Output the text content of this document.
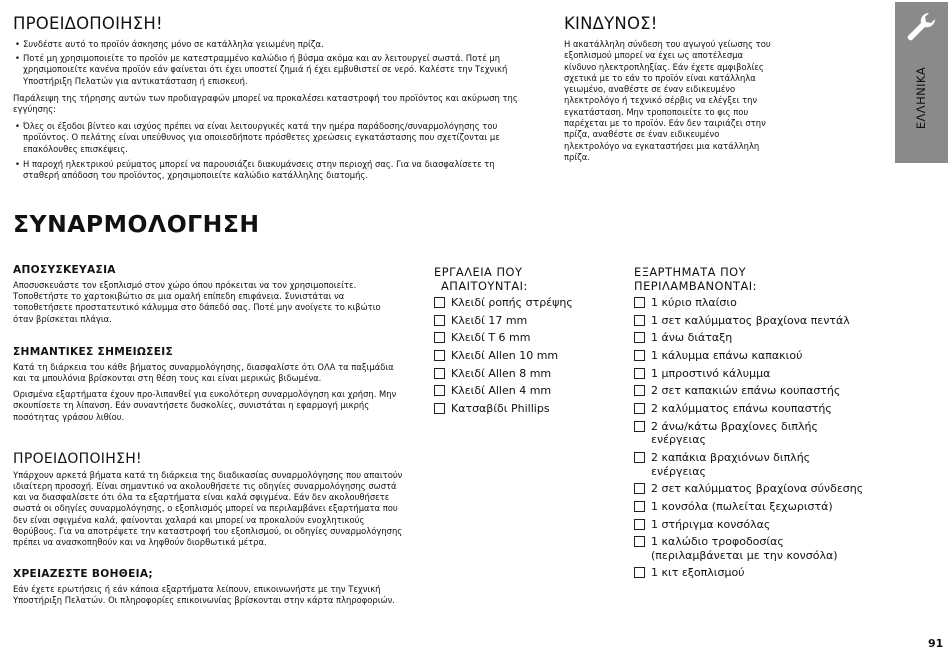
ΠΡΟΕΙΔΟΠΟΙΗΣΗ!
• Συνδέστε αυτό το προϊόν άσκησης μόνο σε κατάλληλα γειωμένη πρίζα.
• Ποτέ μη χρησιμοποιείτε το προϊόν με κατεστραμμένο καλώδιο ή βύσμα ακόμα και αν λειτουργεί σωστά. Ποτέ μη χρησιμοποιείτε κανένα προϊόν εάν φαίνεται ότι έχει υποστεί ζημιά ή έχει εμβυθιστεί σε νερό. Καλέστε την Τεχνική Υποστήριξη Πελατών για αντικατάσταση ή επισκευή.
Παράλειψη της τήρησης αυτών των προδιαγραφών μπορεί να προκαλέσει καταστροφή του προϊόντος και ακύρωση της εγγύησης:
• Όλες οι έξοδοι βίντεο και ισχύος πρέπει να είναι λειτουργικές κατά την ημέρα παράδοσης/συναρμολόγησης του προϊόντος. Ο πελάτης είναι υπεύθυνος για οποιεσδήποτε πρόσθετες χρεώσεις εγκατάστασης που σχετίζονται με επακόλουθες επισκέψεις.
• Η παροχή ηλεκτρικού ρεύματος μπορεί να παρουσιάζει διακυμάνσεις στην περιοχή σας. Για να διασφαλίσετε τη σταθερή απόδοση του προϊόντος, χρησιμοποιείτε καλώδιο κατάλληλης διατομής.
ΚΙΝΔΥΝΟΣ!
Η ακατάλληλη σύνδεση του αγωγού γείωσης του εξοπλισμού μπορεί να έχει ως αποτέλεσμα κίνδυνο ηλεκτροπληξίας. Εάν έχετε αμφιβολίες σχετικά με το εάν το προϊόν είναι κατάλληλα γειωμένο, αναθέστε σε έναν ειδικευμένο ηλεκτρολόγο ή τεχνικό σέρβις να ελέγξει την εγκατάσταση. Μην τροποποιείτε το φις που παρέχεται με το προϊόν. Εάν δεν ταιριάζει στην πρίζα, αναθέστε σε έναν ειδικευμένο ηλεκτρολόγο να εγκαταστήσει μια κατάλληλη πρίζα.
ΕΛΛΗΝΙΚΑ
ΣΥΝΑΡΜΟΛΟΓΗΣΗ
ΑΠΟΣΥΣΚΕΥΑΣΙΑ
Αποσυσκευάστε τον εξοπλισμό στον χώρο όπου πρόκειται να τον χρησιμοποιείτε. Τοποθετήστε το χαρτοκιβώτιο σε μια ομαλή επίπεδη επιφάνεια. Συνιστάται να τοποθετήσετε προστατευτικό κάλυμμα στο δάπεδό σας. Ποτέ μην ανοίγετε το κιβώτιο όταν βρίσκεται πλάγια.
ΣΗΜΑΝΤΙΚΕΣ ΣΗΜΕΙΩΣΕΙΣ
Κατά τη διάρκεια του κάθε βήματος συναρμολόγησης, διασφαλίστε ότι ΟΛΑ τα παξιμάδια και τα μπουλόνια βρίσκονται στη θέση τους και είναι μερικώς βιδωμένα.
Ορισμένα εξαρτήματα έχουν προ-λιπανθεί για ευκολότερη συναρμολόγηση και χρήση. Μην σκουπίσετε τη λίπανση. Εάν συναντήσετε δυσκολίες, συνιστάται η εφαρμογή μικρής ποσότητας γράσου λιθίου.
ΠΡΟΕΙΔΟΠΟΙΗΣΗ!
Υπάρχουν αρκετά βήματα κατά τη διάρκεια της διαδικασίας συναρμολόγησης που απαιτούν ιδιαίτερη προσοχή. Είναι σημαντικό να ακολουθήσετε τις οδηγίες συναρμολόγησης σωστά και να διασφαλίσετε ότι όλα τα εξαρτήματα είναι καλά σφιγμένα. Εάν δεν ακολουθήσετε σωστά οι οδηγίες συναρμολόγησης, ο εξοπλισμός μπορεί να περιλαμβάνει εξαρτήματα που δεν είναι σφιγμένα καλά, φαίνονται χαλαρά και μπορεί να προκαλούν ενοχλητικούς θορύβους. Για να αποτρέψετε την καταστροφή του εξοπλισμού, οι οδηγίες συναρμολόγησης πρέπει να ανασκοπηθούν και να ληφθούν διορθωτικά μέτρα.
ΧΡΕΙΑΖΕΣΤΕ ΒΟΗΘΕΙΑ;
Εάν έχετε ερωτήσεις ή εάν κάποια εξαρτήματα λείπουν, επικοινωνήστε με την Τεχνική Υποστήριξη Πελατών. Οι πληροφορίες επικοινωνίας βρίσκονται στην κάρτα πληροφοριών.
ΕΡΓΑΛΕΙΑ ΠΟΥ
ΑΠΑΙΤΟΥΝΤΑΙ:
Κλειδί ροπής στρέψης
Κλειδί 17 mm
Κλειδί T 6 mm
Κλειδί Allen 10 mm
Κλειδί Allen 8 mm
Κλειδί Allen 4 mm
Κατσαβίδι Phillips
ΕΞΑΡΤΗΜΑΤΑ ΠΟΥ
ΠΕΡΙΛΑΜΒΑΝΟΝΤΑΙ:
1 κύριο πλαίσιο
1 σετ καλύμματος βραχίονα πεντάλ
1 άνω διάταξη
1 κάλυμμα επάνω καπακιού
1 μπροστινό κάλυμμα
2 σετ καπακιών επάνω κουπαστής
2 καλύμματος επάνω κουπαστής
2 άνω/κάτω βραχίονες διπλής ενέργειας
2 καπάκια βραχιόνων διπλής ενέργειας
2 σετ καλύμματος βραχίονα σύνδεσης
1 κονσόλα (πωλείται ξεχωριστά)
1 στήριγμα κονσόλας
1 καλώδιο τροφοδοσίας (περιλαμβάνεται με την κονσόλα)
1 κιτ εξοπλισμού
91
